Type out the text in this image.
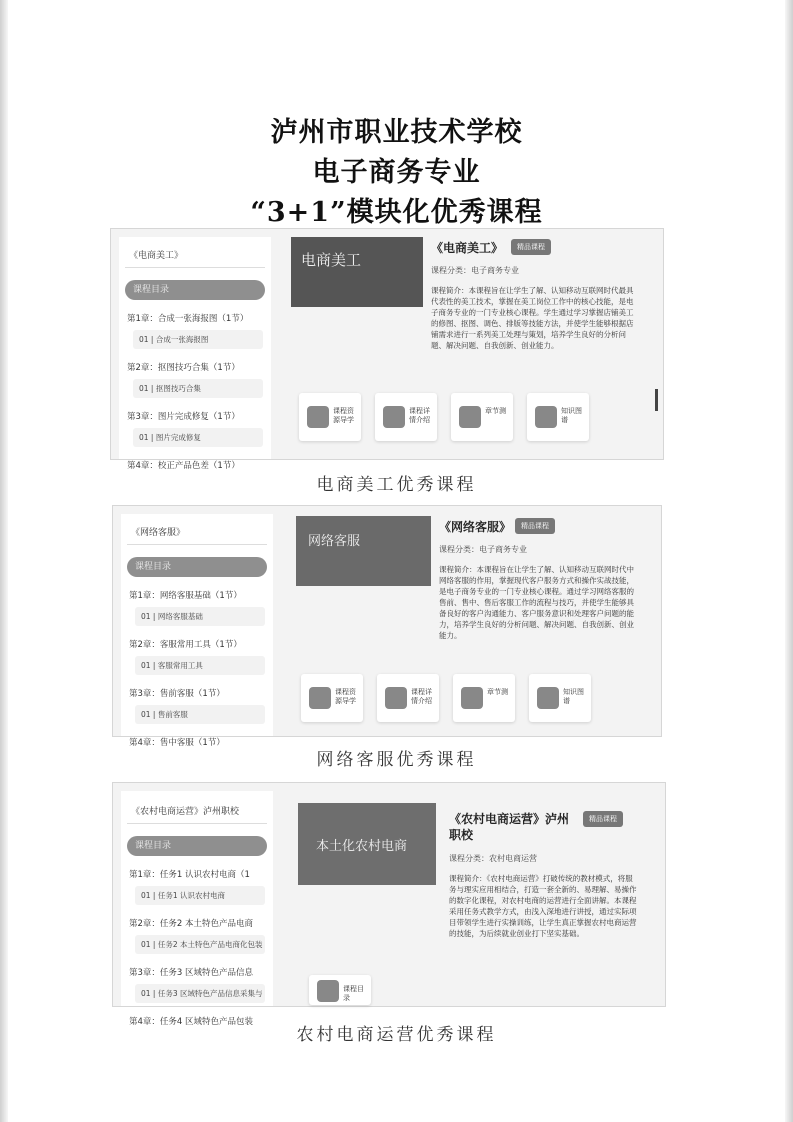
泸州市职业技术学校
电子商务专业
“3+1”模块化优秀课程
《电商美工》
课程目录
第1章：合成一张海报图（1节）
01 | 合成一张海报图
第2章：抠图技巧合集（1节）
01 | 抠图技巧合集
第3章：图片完成修复（1节）
01 | 图片完成修复
第4章：校正产品色差（1节）
电商美工
《电商美工》	精品课程
课程分类：电子商务专业
课程简介：本课程旨在让学生了解、认知移动互联网时代最具代表性的美工技术，掌握在美工岗位工作中的核心技能，是电子商务专业的一门专业核心课程。学生通过学习掌握店铺美工的修图、抠图、调色、排版等技能方法，并使学生能够根据店铺需求进行一系列美工处理与策划，培养学生良好的分析问题、解决问题、自我创新、创业能力。
课程资源导学
课程详情介绍
章节测	知识图谱
电商美工优秀课程
《网络客服》
课程目录
第1章：网络客服基础（1节）
01 | 网络客服基础
第2章：客服常用工具（1节）
01 | 客服常用工具
第3章：售前客服（1节）
01 | 售前客服
第4章：售中客服（1节）
网络客服
《网络客服》	精品课程
课程分类：电子商务专业
课程简介：本课程旨在让学生了解、认知移动互联网时代中网络客服的作用，掌握现代客户服务方式和操作实战技能，是电子商务专业的一门专业核心课程。通过学习网络客服的售前、售中、售后客服工作的流程与技巧，并使学生能够具备良好的客户沟通能力、客户服务意识和处理客户问题的能力，培养学生良好的分析问题、解决问题、自我创新、创业能力。
课程资源导学
课程详情介绍
章节测	知识图谱
网络客服优秀课程
《农村电商运营》泸州职校
课程目录
第1章：任务1 认识农村电商（1
01 | 任务1 认识农村电商
第2章：任务2 本土特色产品电商
01 | 任务2 本土特色产品电商化包装
第3章：任务3 区域特色产品信息
01 | 任务3 区域特色产品信息采集与
第4章：任务4 区域特色产品包装
本土化农村电商
《农村电商运营》泸州职校
精品课程
课程分类：农村电商运营
课程简介：《农村电商运营》打破传统的教材模式，将服务与理实应用相结合，打造一套全新的、易理解、易操作的数字化课程，对农村电商的运营进行全面讲解。本课程采用任务式教学方式，由浅入深地进行讲授，通过实际项目带领学生进行实操训练，让学生真正掌握农村电商运营的技能，为后续就业创业打下坚实基础。
课程目录
农村电商运营优秀课程
